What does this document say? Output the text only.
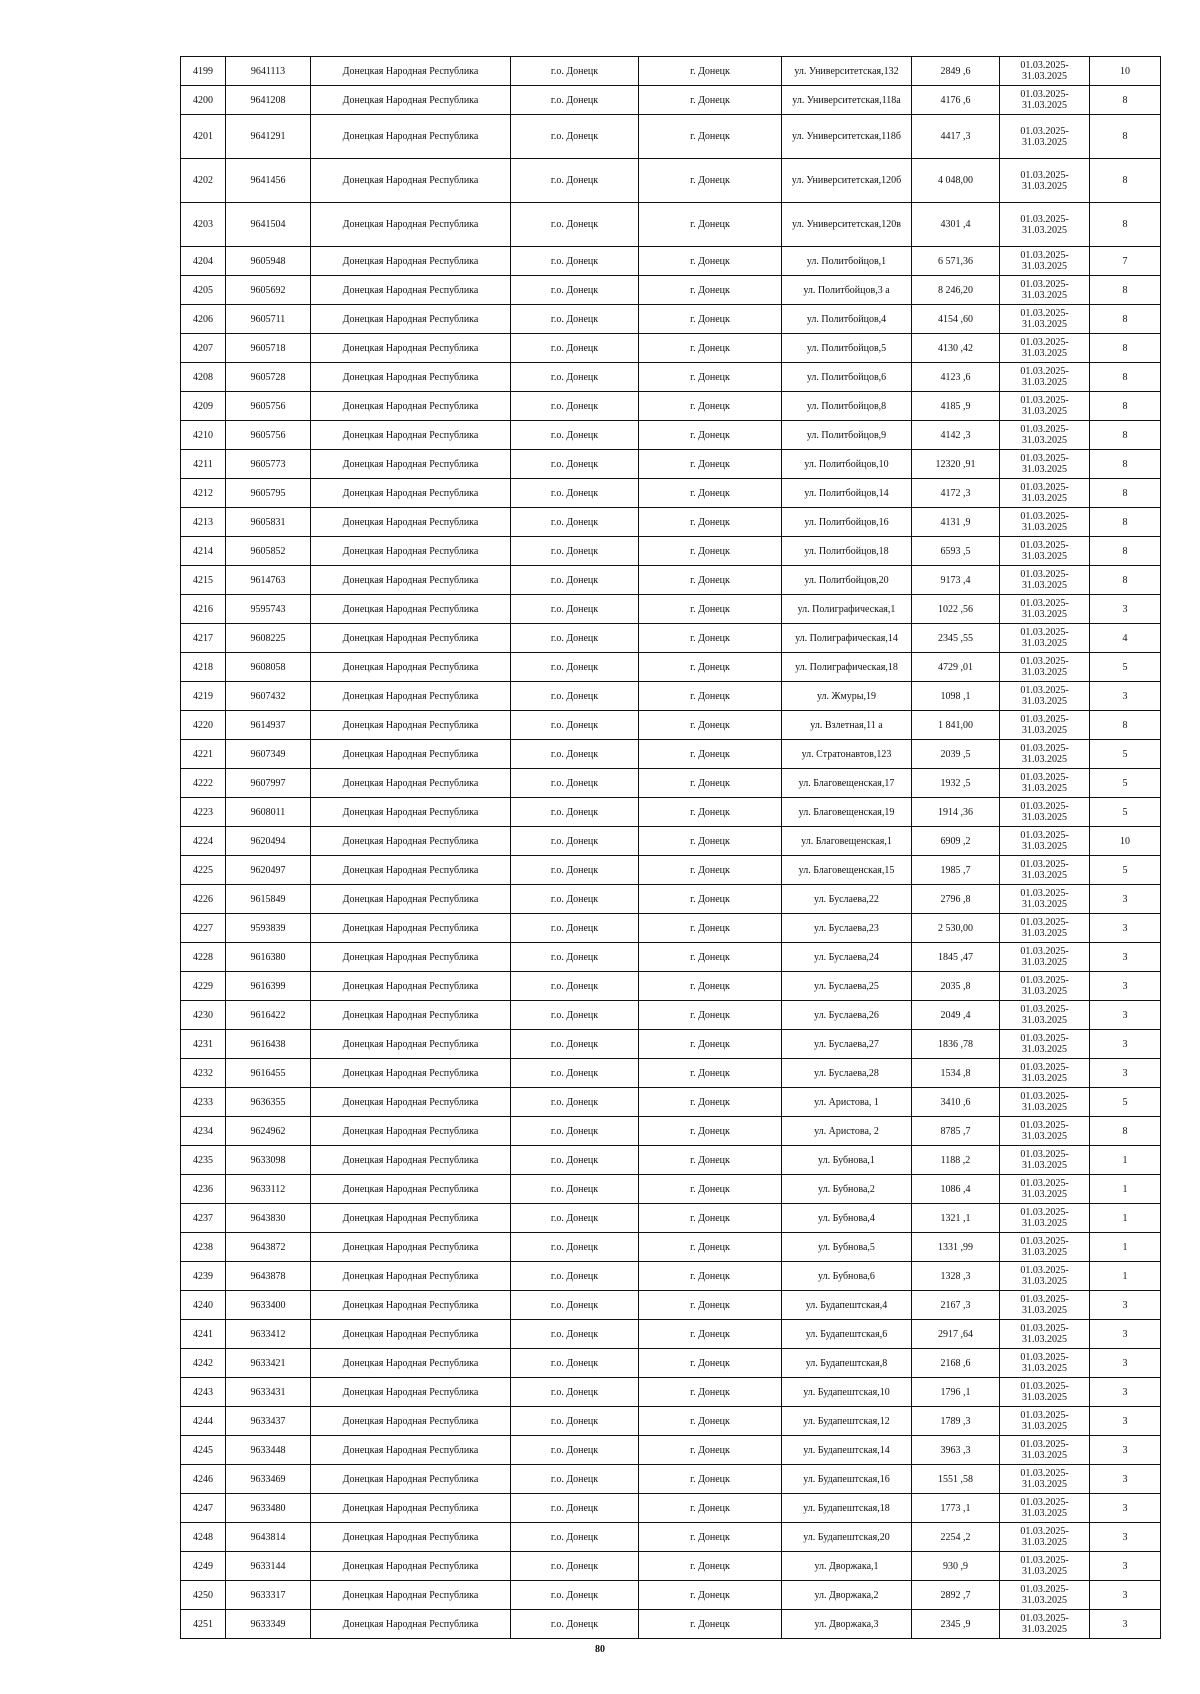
4199	9641113	Донецкая Народная Республика	г.о. Донецк	г. Донецк	ул. Университетская,132	2849 ,6	01.03.2025-31.03.2025	10
4200	9641208	Донецкая Народная Республика	г.о. Донецк	г. Донецк	ул. Университетская,118а	4176 ,6	01.03.2025-31.03.2025	8
4201	9641291	Донецкая Народная Республика	г.о. Донецк	г. Донецк	ул. Университетская,118б	4417 ,3	01.03.2025-31.03.2025	8
4202	9641456	Донецкая Народная Республика	г.о. Донецк	г. Донецк	ул. Университетская,120б	4 048,00	01.03.2025-31.03.2025	8
4203	9641504	Донецкая Народная Республика	г.о. Донецк	г. Донецк	ул. Университетская,120в	4301 ,4	01.03.2025-31.03.2025	8
4204	9605948	Донецкая Народная Республика	г.о. Донецк	г. Донецк	ул. Политбойцов,1	6 571,36	01.03.2025-31.03.2025	7
4205	9605692	Донецкая Народная Республика	г.о. Донецк	г. Донецк	ул. Политбойцов,3 а	8 246,20	01.03.2025-31.03.2025	8
4206	9605711	Донецкая Народная Республика	г.о. Донецк	г. Донецк	ул. Политбойцов,4	4154 ,60	01.03.2025-31.03.2025	8
4207	9605718	Донецкая Народная Республика	г.о. Донецк	г. Донецк	ул. Политбойцов,5	4130 ,42	01.03.2025-31.03.2025	8
4208	9605728	Донецкая Народная Республика	г.о. Донецк	г. Донецк	ул. Политбойцов,6	4123 ,6	01.03.2025-31.03.2025	8
4209	9605756	Донецкая Народная Республика	г.о. Донецк	г. Донецк	ул. Политбойцов,8	4185 ,9	01.03.2025-31.03.2025	8
4210	9605756	Донецкая Народная Республика	г.о. Донецк	г. Донецк	ул. Политбойцов,9	4142 ,3	01.03.2025-31.03.2025	8
4211	9605773	Донецкая Народная Республика	г.о. Донецк	г. Донецк	ул. Политбойцов,10	12320 ,91	01.03.2025-31.03.2025	8
4212	9605795	Донецкая Народная Республика	г.о. Донецк	г. Донецк	ул. Политбойцов,14	4172 ,3	01.03.2025-31.03.2025	8
4213	9605831	Донецкая Народная Республика	г.о. Донецк	г. Донецк	ул. Политбойцов,16	4131 ,9	01.03.2025-31.03.2025	8
4214	9605852	Донецкая Народная Республика	г.о. Донецк	г. Донецк	ул. Политбойцов,18	6593 ,5	01.03.2025-31.03.2025	8
4215	9614763	Донецкая Народная Республика	г.о. Донецк	г. Донецк	ул. Политбойцов,20	9173 ,4	01.03.2025-31.03.2025	8
4216	9595743	Донецкая Народная Республика	г.о. Донецк	г. Донецк	ул. Полиграфическая,1	1022 ,56	01.03.2025-31.03.2025	3
4217	9608225	Донецкая Народная Республика	г.о. Донецк	г. Донецк	ул. Полиграфическая,14	2345 ,55	01.03.2025-31.03.2025	4
4218	9608058	Донецкая Народная Республика	г.о. Донецк	г. Донецк	ул. Полиграфическая,18	4729 ,01	01.03.2025-31.03.2025	5
4219	9607432	Донецкая Народная Республика	г.о. Донецк	г. Донецк	ул. Жмуры,19	1098 ,1	01.03.2025-31.03.2025	3
4220	9614937	Донецкая Народная Республика	г.о. Донецк	г. Донецк	ул. Взлетная,11 а	1 841,00	01.03.2025-31.03.2025	8
4221	9607349	Донецкая Народная Республика	г.о. Донецк	г. Донецк	ул. Стратонавтов,123	2039 ,5	01.03.2025-31.03.2025	5
4222	9607997	Донецкая Народная Республика	г.о. Донецк	г. Донецк	ул. Благовещенская,17	1932 ,5	01.03.2025-31.03.2025	5
4223	9608011	Донецкая Народная Республика	г.о. Донецк	г. Донецк	ул. Благовещенская,19	1914 ,36	01.03.2025-31.03.2025	5
4224	9620494	Донецкая Народная Республика	г.о. Донецк	г. Донецк	ул. Благовещенская,1	6909 ,2	01.03.2025-31.03.2025	10
4225	9620497	Донецкая Народная Республика	г.о. Донецк	г. Донецк	ул. Благовещенская,15	1985 ,7	01.03.2025-31.03.2025	5
4226	9615849	Донецкая Народная Республика	г.о. Донецк	г. Донецк	ул. Буслаева,22	2796 ,8	01.03.2025-31.03.2025	3
4227	9593839	Донецкая Народная Республика	г.о. Донецк	г. Донецк	ул. Буслаева,23	2 530,00	01.03.2025-31.03.2025	3
4228	9616380	Донецкая Народная Республика	г.о. Донецк	г. Донецк	ул. Буслаева,24	1845 ,47	01.03.2025-31.03.2025	3
4229	9616399	Донецкая Народная Республика	г.о. Донецк	г. Донецк	ул. Буслаева,25	2035 ,8	01.03.2025-31.03.2025	3
4230	9616422	Донецкая Народная Республика	г.о. Донецк	г. Донецк	ул. Буслаева,26	2049 ,4	01.03.2025-31.03.2025	3
4231	9616438	Донецкая Народная Республика	г.о. Донецк	г. Донецк	ул. Буслаева,27	1836 ,78	01.03.2025-31.03.2025	3
4232	9616455	Донецкая Народная Республика	г.о. Донецк	г. Донецк	ул. Буслаева,28	1534 ,8	01.03.2025-31.03.2025	3
4233	9636355	Донецкая Народная Республика	г.о. Донецк	г. Донецк	ул. Аристова, 1	3410 ,6	01.03.2025-31.03.2025	5
4234	9624962	Донецкая Народная Республика	г.о. Донецк	г. Донецк	ул. Аристова, 2	8785 ,7	01.03.2025-31.03.2025	8
4235	9633098	Донецкая Народная Республика	г.о. Донецк	г. Донецк	ул. Бубнова,1	1188 ,2	01.03.2025-31.03.2025	1
4236	9633112	Донецкая Народная Республика	г.о. Донецк	г. Донецк	ул. Бубнова,2	1086 ,4	01.03.2025-31.03.2025	1
4237	9643830	Донецкая Народная Республика	г.о. Донецк	г. Донецк	ул. Бубнова,4	1321 ,1	01.03.2025-31.03.2025	1
4238	9643872	Донецкая Народная Республика	г.о. Донецк	г. Донецк	ул. Бубнова,5	1331 ,99	01.03.2025-31.03.2025	1
4239	9643878	Донецкая Народная Республика	г.о. Донецк	г. Донецк	ул. Бубнова,6	1328 ,3	01.03.2025-31.03.2025	1
4240	9633400	Донецкая Народная Республика	г.о. Донецк	г. Донецк	ул. Будапештская,4	2167 ,3	01.03.2025-31.03.2025	3
4241	9633412	Донецкая Народная Республика	г.о. Донецк	г. Донецк	ул. Будапештская,6	2917 ,64	01.03.2025-31.03.2025	3
4242	9633421	Донецкая Народная Республика	г.о. Донецк	г. Донецк	ул. Будапештская,8	2168 ,6	01.03.2025-31.03.2025	3
4243	9633431	Донецкая Народная Республика	г.о. Донецк	г. Донецк	ул. Будапештская,10	1796 ,1	01.03.2025-31.03.2025	3
4244	9633437	Донецкая Народная Республика	г.о. Донецк	г. Донецк	ул. Будапештская,12	1789 ,3	01.03.2025-31.03.2025	3
4245	9633448	Донецкая Народная Республика	г.о. Донецк	г. Донецк	ул. Будапештская,14	3963 ,3	01.03.2025-31.03.2025	3
4246	9633469	Донецкая Народная Республика	г.о. Донецк	г. Донецк	ул. Будапештская,16	1551 ,58	01.03.2025-31.03.2025	3
4247	9633480	Донецкая Народная Республика	г.о. Донецк	г. Донецк	ул. Будапештская,18	1773 ,1	01.03.2025-31.03.2025	3
4248	9643814	Донецкая Народная Республика	г.о. Донецк	г. Донецк	ул. Будапештская,20	2254 ,2	01.03.2025-31.03.2025	3
4249	9633144	Донецкая Народная Республика	г.о. Донецк	г. Донецк	ул. Дворжака,1	930 ,9	01.03.2025-31.03.2025	3
4250	9633317	Донецкая Народная Республика	г.о. Донецк	г. Донецк	ул. Дворжака,2	2892 ,7	01.03.2025-31.03.2025	3
4251	9633349	Донецкая Народная Республика	г.о. Донецк	г. Донецк	ул. Дворжака,3	2345 ,9	01.03.2025-31.03.2025	3
80
